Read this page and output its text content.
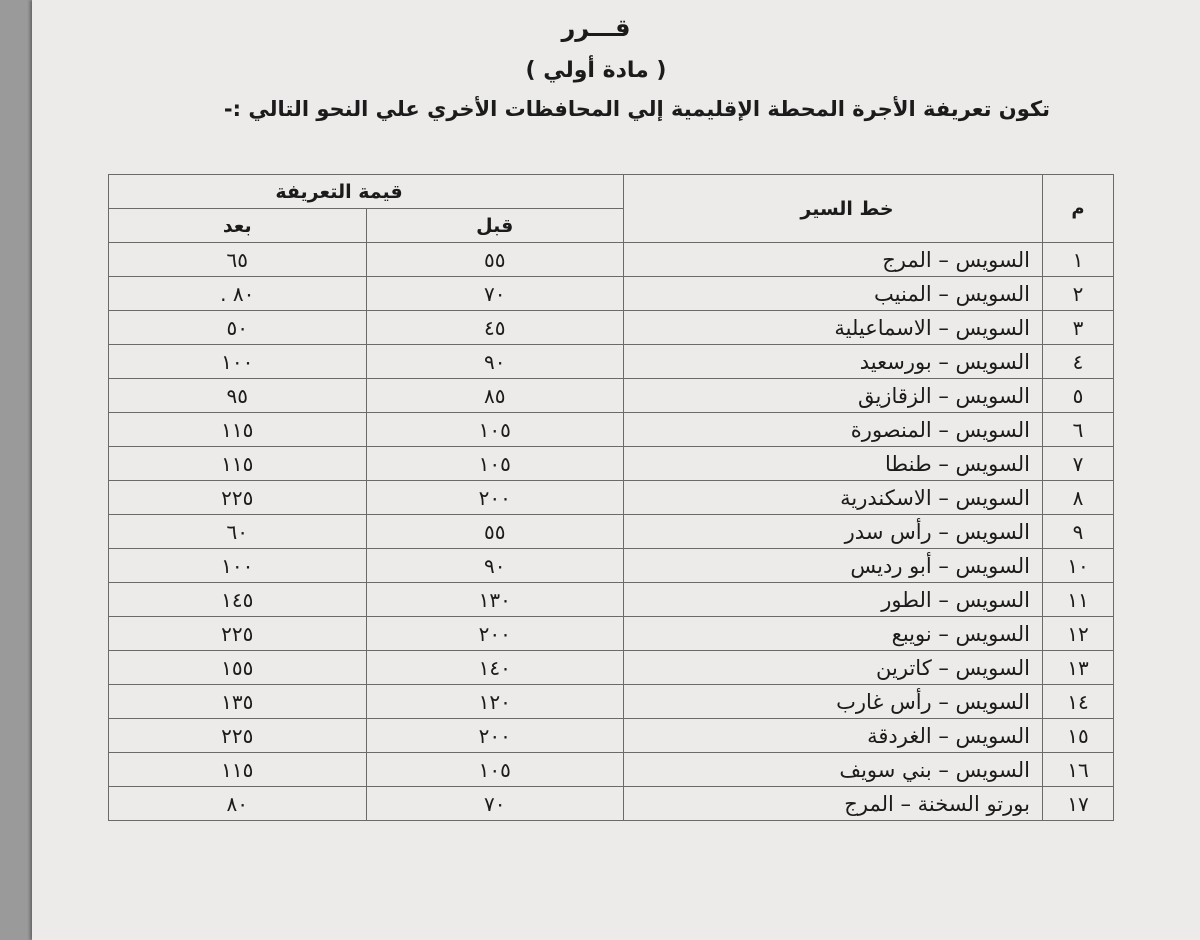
قـــرر
( مادة أولي )
تكون تعريفة الأجرة المحطة الإقليمية إلي المحافظات الأخري علي النحو التالي :-
م	خط السير	قيمة التعريفة	
		قبل	بعد
١	السويس – المرج	٥٥	٦٥
٢	السويس – المنيب	٧٠	٨٠ .
٣	السويس – الاسماعيلية	٤٥	٥٠
٤	السويس – بورسعيد	٩٠	١٠٠
٥	السويس – الزقازيق	٨٥	٩٥
٦	السويس – المنصورة	١٠٥	١١٥
٧	السويس – طنطا	١٠٥	١١٥
٨	السويس – الاسكندرية	٢٠٠	٢٢٥
٩	السويس – رأس سدر	٥٥	٦٠
١٠	السويس – أبو رديس	٩٠	١٠٠
١١	السويس – الطور	١٣٠	١٤٥
١٢	السويس – نويبع	٢٠٠	٢٢٥
١٣	السويس – كاترين	١٤٠	١٥٥
١٤	السويس – رأس غارب	١٢٠	١٣٥
١٥	السويس – الغردقة	٢٠٠	٢٢٥
١٦	السويس – بني سويف	١٠٥	١١٥
١٧	بورتو السخنة – المرج	٧٠	٨٠
